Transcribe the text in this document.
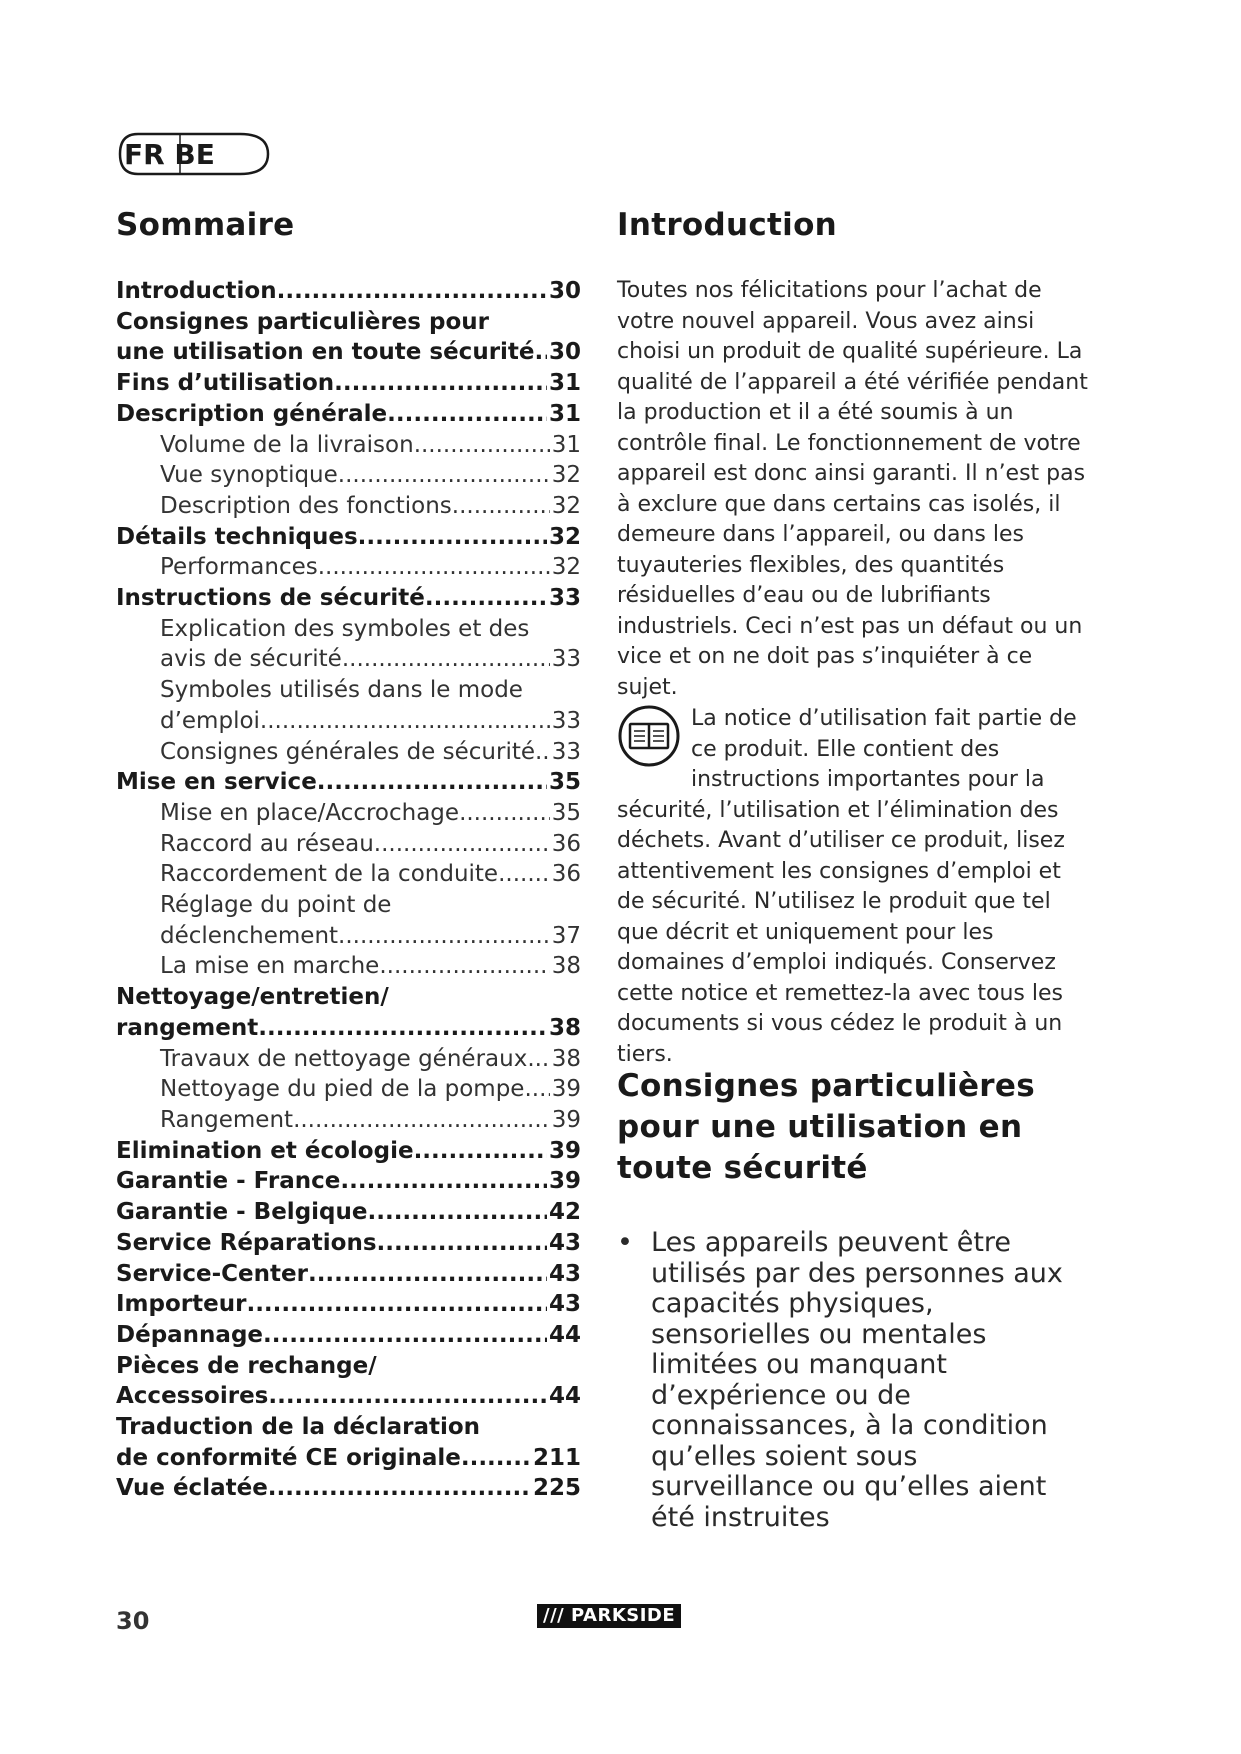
FR BE
Sommaire
Introduction .....	30
Consignes particulières pour
une utilisation en toute sécurité ..... 30
Fins d’utilisation .....	31
Description générale .....	31
Volume de la livraison .....	31
Vue synoptique .....	32
Description des fonctions .....	32
Détails techniques .....	32
Performances .....	32
Instructions de sécurité .....	33
Explication des symboles et des
avis de sécurité .....	33
Symboles utilisés dans le mode
d’emploi .....	33
Consignes générales de sécurité ..... 33
Mise en service .....	35
Mise en place/Accrochage .....	35
Raccord au réseau .....	36
Raccordement de la conduite ..... 36
Réglage du point de
déclenchement .....	37
La mise en marche .....	38
Nettoyage/entretien/
rangement .....	38
Travaux de nettoyage généraux ..... 38
Nettoyage du pied de la pompe ..... 39
Rangement .....	39
Elimination et écologie .....	39
Garantie - France .....	39
Garantie - Belgique .....	42
Service Réparations .....	43
Service-Center .....	43
Importeur .....	43
Dépannage .....	44
Pièces de rechange/
Accessoires .....	44
Traduction de la déclaration
de conformité CE originale .....	211
Vue éclatée .....	225
Introduction

Toutes nos félicitations pour l’achat de votre nouvel appareil. Vous avez ainsi choisi un produit de qualité supérieure. La qualité de l’appareil a été vérifiée pendant la production et il a été soumis à un contrôle final. Le fonctionnement de votre appareil est donc ainsi garanti. Il n’est pas à exclure que dans certains cas isolés, il demeure dans l’appareil, ou dans les tuyauteries flexibles, des quantités résiduelles d’eau ou de lubrifiants industriels. Ceci n’est pas un défaut ou un vice et on ne doit pas s’inquiéter à ce sujet.

La notice d’utilisation fait partie de ce produit. Elle contient des instructions importantes pour la sécurité, l’utilisation et l’élimination des déchets. Avant d’utiliser ce produit, lisez attentivement les consignes d’emploi et de sécurité. N’utilisez le produit que tel que décrit et uniquement pour les domaines d’emploi indiqués. Conservez cette notice et remettez-la avec tous les documents si vous cédez le produit à un tiers.
Consignes particulières pour une utilisation en toute sécurité

• Les appareils peuvent être utilisés par des personnes aux capacités physiques, sensorielles ou mentales limitées ou manquant d’expérience ou de connaissances, à la condition qu’elles soient sous surveillance ou qu’elles aient été instruites

30	/// PARKSIDE
